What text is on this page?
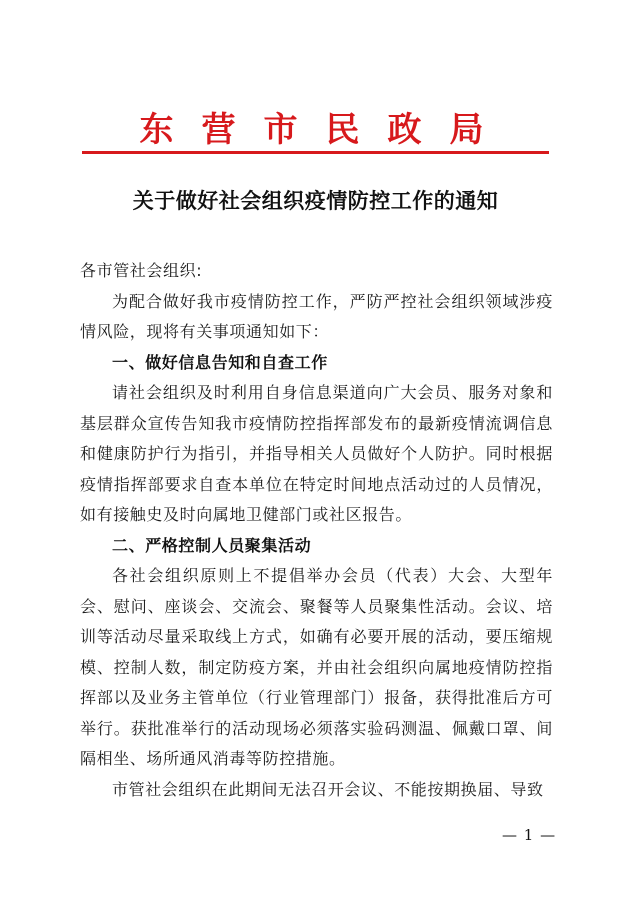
东营市民政局
关于做好社会组织疫情防控工作的通知

各市管社会组织:

为配合做好我市疫情防控工作，严防严控社会组织领域涉疫情风险，现将有关事项通知如下：

一、做好信息告知和自查工作

请社会组织及时利用自身信息渠道向广大会员、服务对象和基层群众宣传告知我市疫情防控指挥部发布的最新疫情流调信息和健康防护行为指引，并指导相关人员做好个人防护。同时根据疫情指挥部要求自查本单位在特定时间地点活动过的人员情况，如有接触史及时向属地卫健部门或社区报告。

二、严格控制人员聚集活动

各社会组织原则上不提倡举办会员（代表）大会、大型年会、慰问、座谈会、交流会、聚餐等人员聚集性活动。会议、培训等活动尽量采取线上方式，如确有必要开展的活动，要压缩规模、控制人数，制定防疫方案，并由社会组织向属地疫情防控指挥部以及业务主管单位（行业管理部门）报备，获得批准后方可举行。获批准举行的活动现场必须落实验码测温、佩戴口罩、间隔相坐、场所通风消毒等防控措施。

市管社会组织在此期间无法召开会议、不能按期换届、导致

— 1 —
